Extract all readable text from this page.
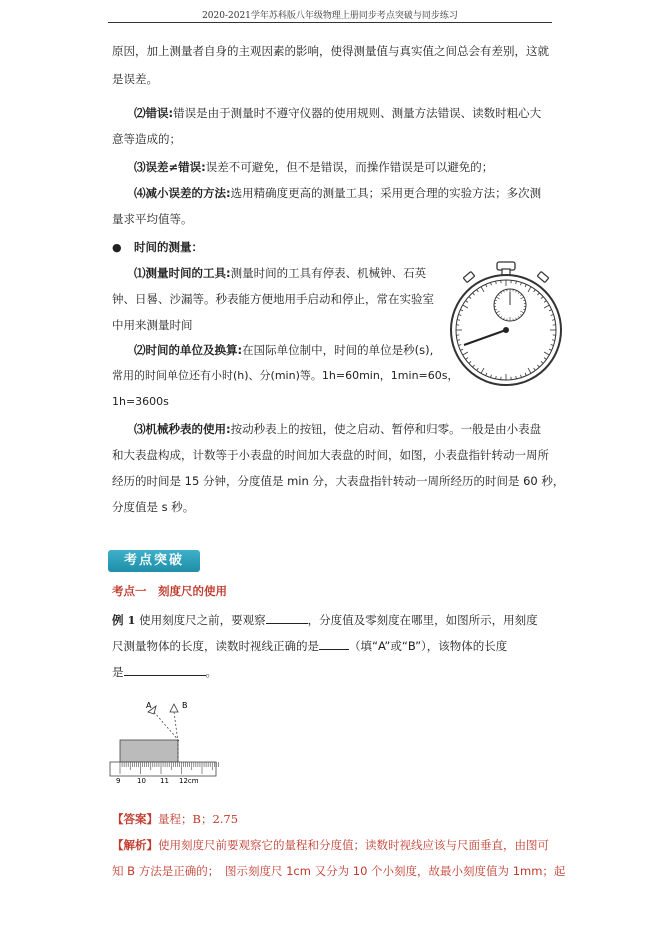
2020-2021学年苏科版八年级物理上册同步考点突破与同步练习
原因，加上测量者自身的主观因素的影响，使得测量值与真实值之间总会有差别，这就
是误差。
⑵错误:错误是由于测量时不遵守仪器的使用规则、测量方法错误、读数时粗心大
意等造成的；
⑶误差≠错误:误差不可避免，但不是错误，而操作错误是可以避免的；
⑷减小误差的方法:选用精确度更高的测量工具；采用更合理的实验方法；多次测
量求平均值等。
● 时间的测量：
⑴测量时间的工具:测量时间的工具有停表、机械钟、石英
钟、日晷、沙漏等。秒表能方便地用手启动和停止，常在实验室
中用来测量时间
⑵时间的单位及换算:在国际单位制中，时间的单位是秒(s),
常用的时间单位还有小时(h)、分(min)等。1h=60min，1min=60s，
1h=3600s
⑶机械秒表的使用:按动秒表上的按钮，使之启动、暂停和归零。一般是由小表盘
和大表盘构成，计数等于小表盘的时间加大表盘的时间，如图，小表盘指针转动一周所
经历的时间是 15 分钟，分度值是 min 分，大表盘指针转动一周所经历的时间是 60 秒，
分度值是 s 秒。
考点突破
考点一　刻度尺的使用
例 1 使用刻度尺之前，要观察	，分度值及零刻度在哪里，如图所示，用刻度
尺测量物体的长度，读数时视线正确的是	（填“A”或“B”），该物体的长度
是	。
A	B
9 10 11 12cm
【答案】量程；B；2.75
【解析】使用刻度尺前要观察它的量程和分度值；读数时视线应该与尺面垂直，由图可
知 B 方法是正确的；　图示刻度尺 1cm 又分为 10 个小刻度，故最小刻度值为 1mm；起
